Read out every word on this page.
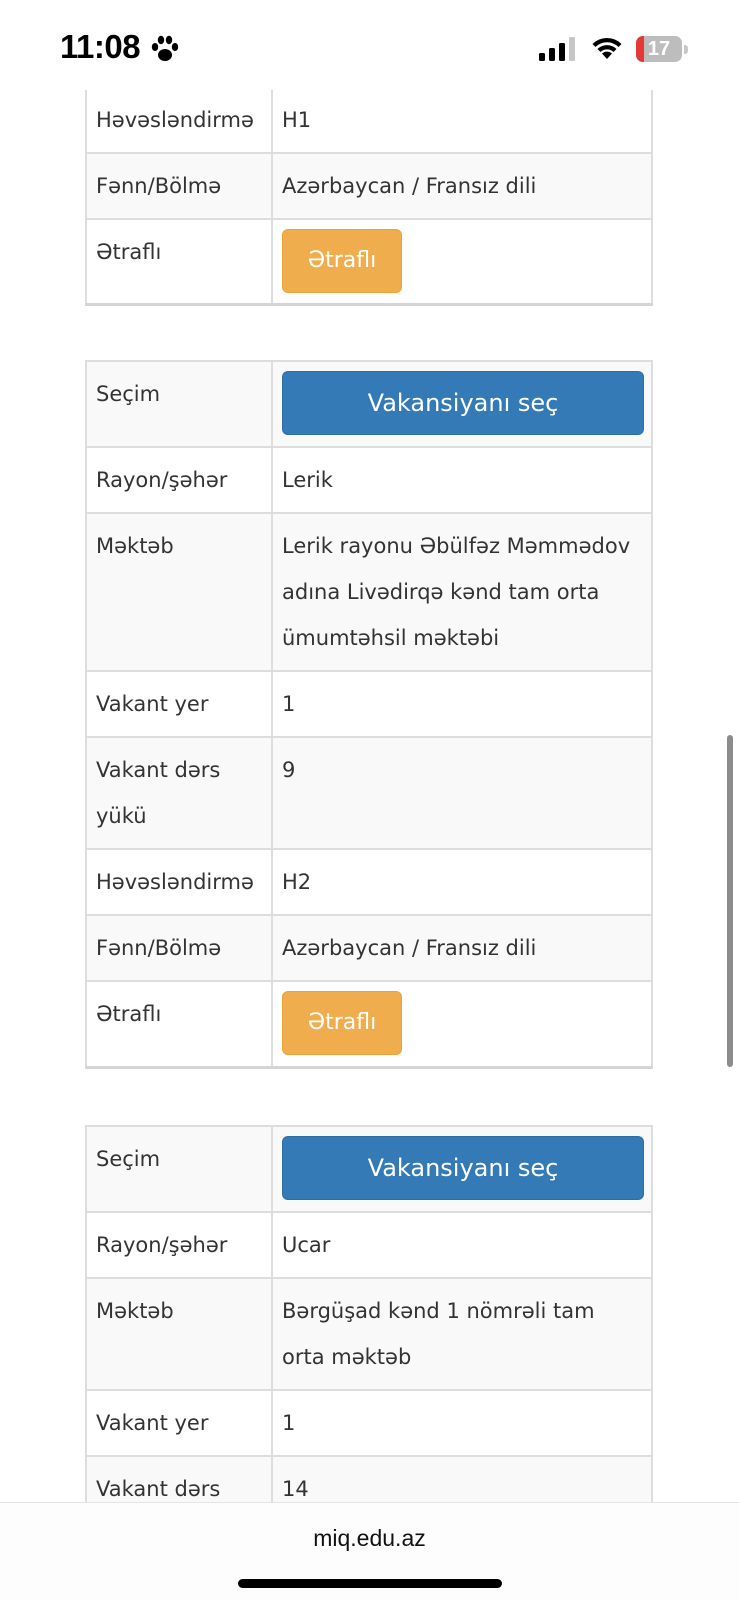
Həvəsləndirmə	H1
Fənn/Bölmə	Azərbaycan / Fransız dili
Ətraflı	Ətraflı
Seçim	Vakansiyanı seç

Rayon/şəhər	Lerik
Məktəb	Lerik rayonu Əbülfəz Məmmədov adına Livədirqə kənd tam orta ümumtəhsil məktəbi
Vakant yer	1
Vakant dərs yükü	9
Həvəsləndirmə	H2
Fənn/Bölmə	Azərbaycan / Fransız dili
Ətraflı	Ətraflı
Seçim	Vakansiyanı seç

Rayon/şəhər	Ucar
Məktəb	Bərgüşad kənd 1 nömrəli tam orta məktəb
Vakant yer	1
Vakant dərs	14
11:08	17
miq.edu.az
